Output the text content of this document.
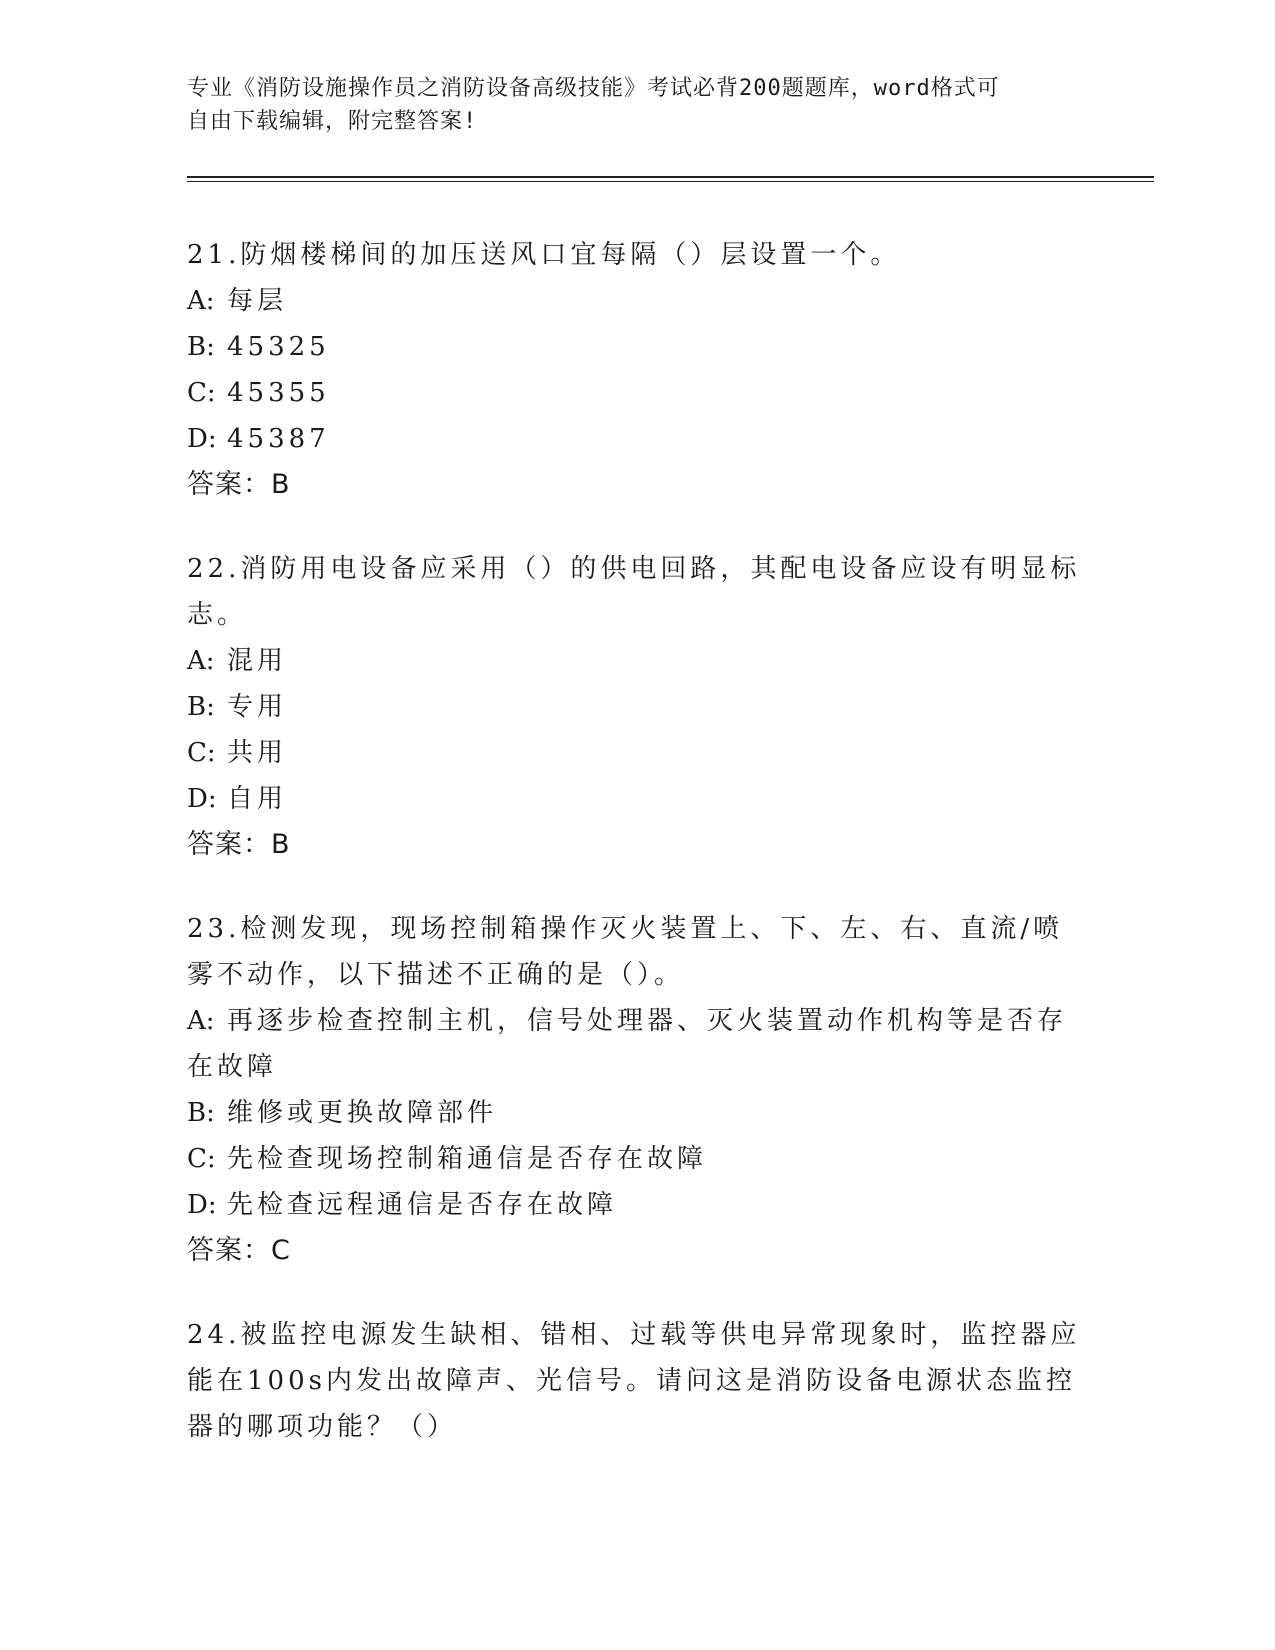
专业《消防设施操作员之消防设备高级技能》考试必背200题题库，word格式可
自由下载编辑，附完整答案!

21.防烟楼梯间的加压送风口宜每隔（）层设置一个。

A: 每层

B: 45325

C: 45355

D: 45387

答案：B

22.消防用电设备应采用（）的供电回路，其配电设备应设有明显标志。

A: 混用

B: 专用

C: 共用

D: 自用

答案：B

23.检测发现，现场控制箱操作灭火装置上、下、左、右、直流/喷雾不动作，以下描述不正确的是（）。

A: 再逐步检查控制主机，信号处理器、灭火装置动作机构等是否存在故障

B: 维修或更换故障部件

C: 先检查现场控制箱通信是否存在故障

D: 先检查远程通信是否存在故障

答案：C

24.被监控电源发生缺相、错相、过载等供电异常现象时，监控器应能在100s内发出故障声、光信号。请问这是消防设备电源状态监控器的哪项功能？（）
